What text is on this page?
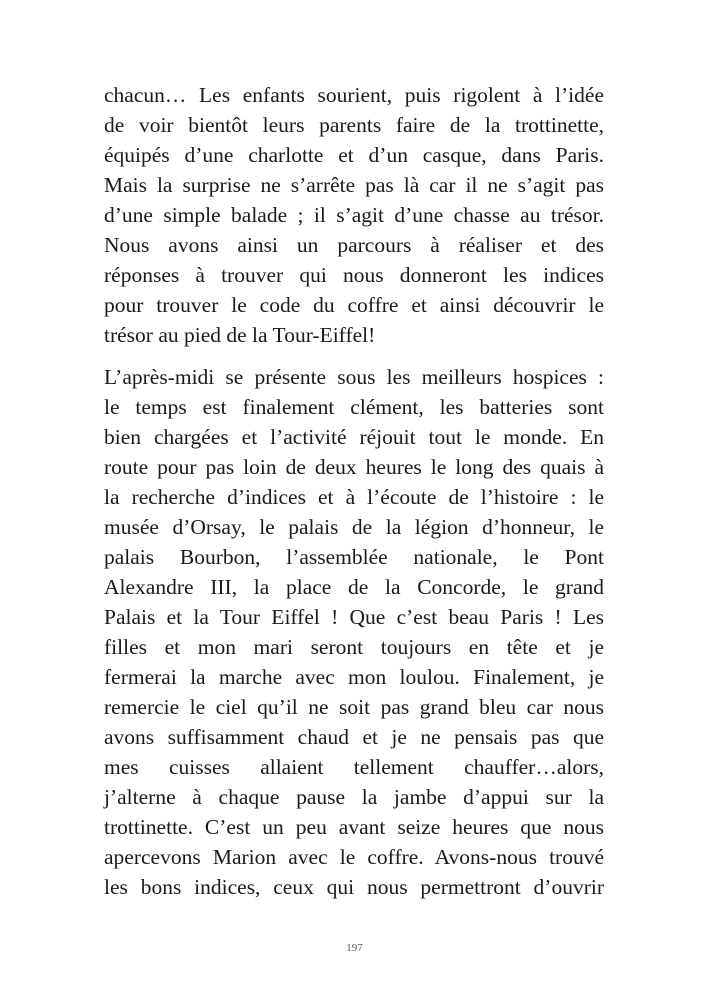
chacun… Les enfants sourient, puis rigolent à l’idée
de voir bientôt leurs parents faire de la trottinette,
équipés d’une charlotte et d’un casque, dans Paris.
Mais la surprise ne s’arrête pas là car il ne s’agit pas
d’une simple balade ; il s’agit d’une chasse au trésor.
Nous avons ainsi un parcours à réaliser et des
réponses à trouver qui nous donneront les indices
pour trouver le code du coffre et ainsi découvrir le
trésor au pied de la Tour-Eiffel!
L’après-midi se présente sous les meilleurs hospices :
le temps est finalement clément, les batteries sont
bien chargées et l’activité réjouit tout le monde. En
route pour pas loin de deux heures le long des quais à
la recherche d’indices et à l’écoute de l’histoire : le
musée d’Orsay, le palais de la légion d’honneur, le
palais Bourbon, l’assemblée nationale, le Pont
Alexandre III, la place de la Concorde, le grand
Palais et la Tour Eiffel ! Que c’est beau Paris ! Les
filles et mon mari seront toujours en tête et je
fermerai la marche avec mon loulou. Finalement, je
remercie le ciel qu’il ne soit pas grand bleu car nous
avons suffisamment chaud et je ne pensais pas que
mes cuisses allaient tellement chauffer…alors,
j’alterne à chaque pause la jambe d’appui sur la
trottinette. C’est un peu avant seize heures que nous
apercevons Marion avec le coffre. Avons-nous trouvé
les bons indices, ceux qui nous permettront d’ouvrir
197
